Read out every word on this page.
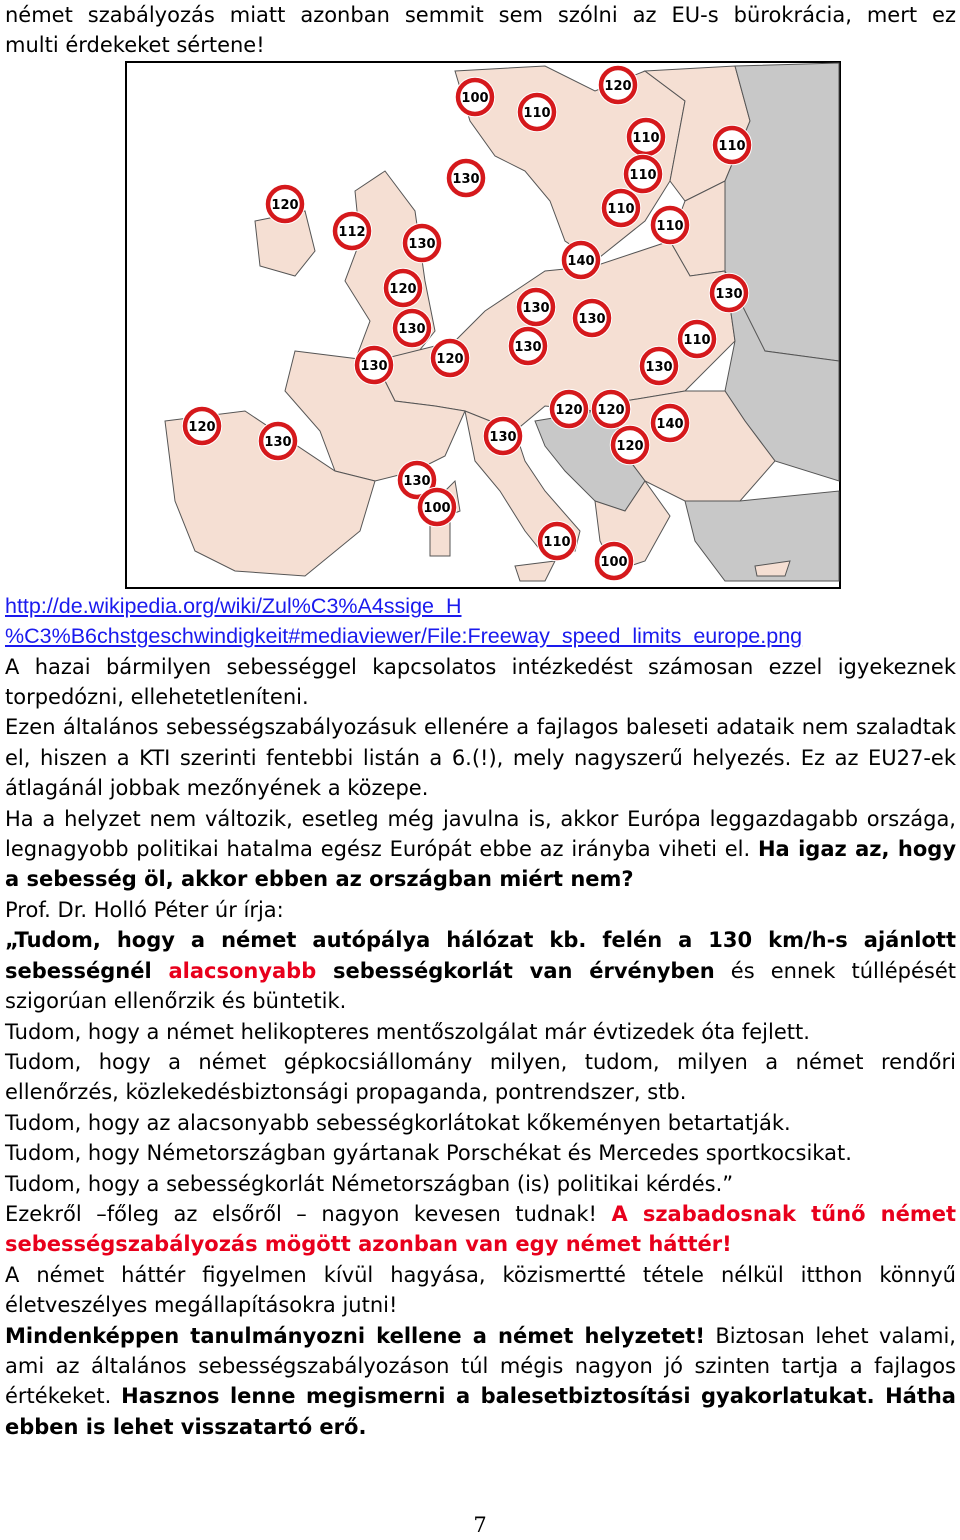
német szabályozás miatt azonban semmit sem szólni az EU-s bürokrácia, mert ez

multi érdekeket sértene!

100
110
120
110
130	110
110
110
120
112
130
140
110
120	130
130
130
130
120
130	110
130	130
120
140
120
120
130
130
120
130
100
110
100

http://de.wikipedia.org/wiki/Zul%C3%A4ssige_H

%C3%B6chstgeschwindigkeit#mediaviewer/File:Freeway_speed_limits_europe.png

A hazai bármilyen sebességgel kapcsolatos intézkedést számosan ezzel igyekeznek torpedózni, ellehetetleníteni.

Ezen általános sebességszabályozásuk ellenére a fajlagos baleseti adataik nem szaladtak el, hiszen a KTI szerinti fentebbi listán a 6.(!), mely nagyszerű helyezés. Ez az EU27-ek átlagánál jobbak mezőnyének a közepe.

Ha a helyzet nem változik, esetleg még javulna is, akkor Európa leggazdagabb országa, legnagyobb politikai hatalma egész Európát ebbe az irányba viheti el. Ha igaz az, hogy a sebesség öl, akkor ebben az országban miért nem?

Prof. Dr. Holló Péter úr írja:

„Tudom, hogy a német autópálya hálózat kb. felén a 130 km/h-s ajánlott sebességnél alacsonyabb sebességkorlát van érvényben és ennek túllépését szigorúan ellenőrzik és büntetik.

Tudom, hogy a német helikopteres mentőszolgálat már évtizedek óta fejlett.

Tudom, hogy a német gépkocsiállomány milyen, tudom, milyen a német rendőri ellenőrzés, közlekedésbiztonsági propaganda, pontrendszer, stb.

Tudom, hogy az alacsonyabb sebességkorlátokat kőkeményen betartatják.

Tudom, hogy Németországban gyártanak Porschékat és Mercedes sportkocsikat.

Tudom, hogy a sebességkorlát Németországban (is) politikai kérdés.”

Ezekről –főleg az elsőről – nagyon kevesen tudnak! A szabadosnak tűnő német sebességszabályozás mögött azonban van egy német háttér!

A német háttér figyelmen kívül hagyása, közismertté tétele nélkül itthon könnyű életveszélyes megállapításokra jutni!

Mindenképpen tanulmányozni kellene a német helyzetet! Biztosan lehet valami, ami az általános sebességszabályozáson túl mégis nagyon jó szinten tartja a fajlagos értékeket. Hasznos lenne megismerni a balesetbiztosítási gyakorlatukat. Hátha ebben is lehet visszatartó erő.

7
